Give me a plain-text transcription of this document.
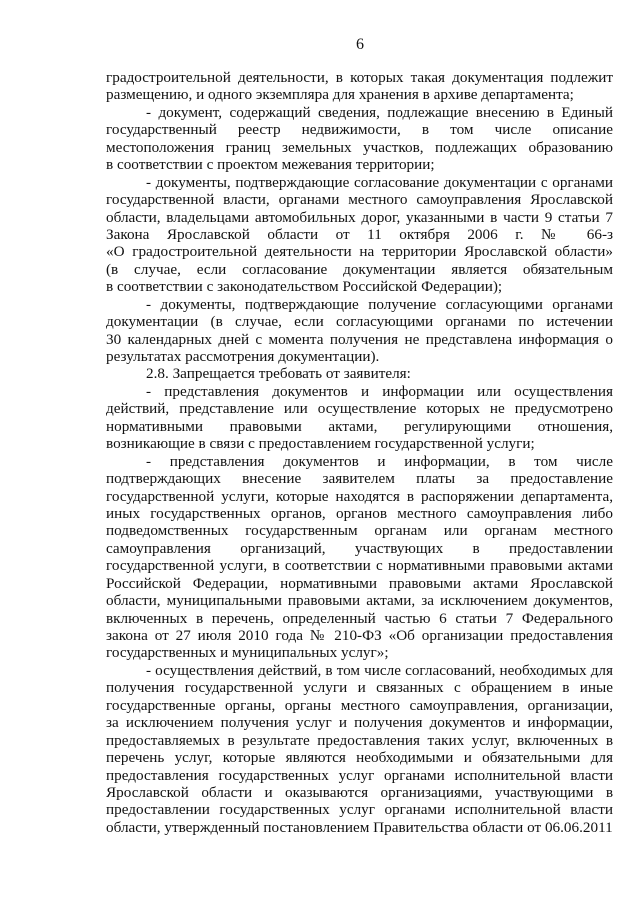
6
градостроительной деятельности, в которых такая документация подлежит
размещению, и одного экземпляра для хранения в архиве департамента;
- документ, содержащий сведения, подлежащие внесению в Единый
государственный реестр недвижимости, в том числе описание
местоположения границ земельных участков, подлежащих образованию
в соответствии с проектом межевания территории;
- документы, подтверждающие согласование документации с органами
государственной власти, органами местного самоуправления Ярославской
области, владельцами автомобильных дорог, указанными в части 9 статьи 7
Закона Ярославской области от 11 октября 2006 г. № 66-з
«О градостроительной деятельности на территории Ярославской области»
(в случае, если согласование документации является обязательным
в соответствии с законодательством Российской Федерации);
- документы, подтверждающие получение согласующими органами
документации (в случае, если согласующими органами по истечении
30 календарных дней с момента получения не представлена информация о
результатах рассмотрения документации).
2.8. Запрещается требовать от заявителя:
- представления документов и информации или осуществления
действий, представление или осуществление которых не предусмотрено
нормативными правовыми актами, регулирующими отношения,
возникающие в связи с предоставлением государственной услуги;
- представления документов и информации, в том числе
подтверждающих внесение заявителем платы за предоставление
государственной услуги, которые находятся в распоряжении департамента,
иных государственных органов, органов местного самоуправления либо
подведомственных государственным органам или органам местного
самоуправления организаций, участвующих в предоставлении
государственной услуги, в соответствии с нормативными правовыми актами
Российской Федерации, нормативными правовыми актами Ярославской
области, муниципальными правовыми актами, за исключением документов,
включенных в перечень, определенный частью 6 статьи 7 Федерального
закона от 27 июля 2010 года № 210-ФЗ «Об организации предоставления
государственных и муниципальных услуг»;
- осуществления действий, в том числе согласований, необходимых для
получения государственной услуги и связанных с обращением в иные
государственные органы, органы местного самоуправления, организации,
за исключением получения услуг и получения документов и информации,
предоставляемых в результате предоставления таких услуг, включенных в
перечень услуг, которые являются необходимыми и обязательными для
предоставления государственных услуг органами исполнительной власти
Ярославской области и оказываются организациями, участвующими в
предоставлении государственных услуг органами исполнительной власти
области, утвержденный постановлением Правительства области от 06.06.2011
